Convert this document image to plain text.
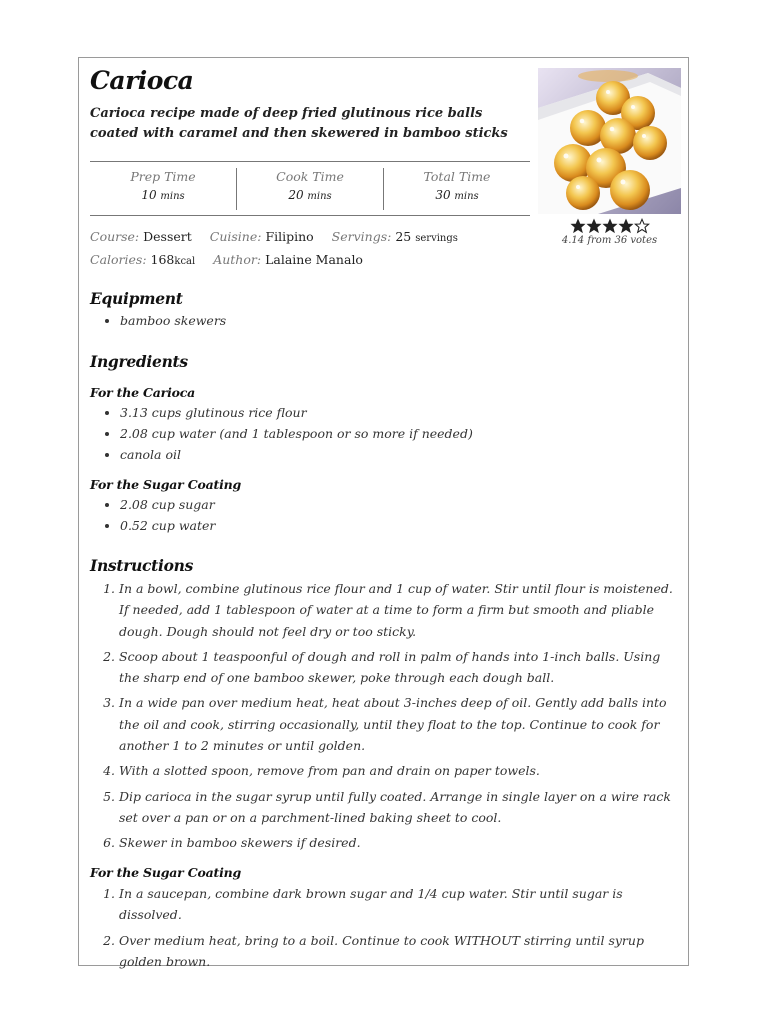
Carioca

Carioca recipe made of deep fried glutinous rice balls coated with caramel and then skewered in bamboo sticks

4.14 from 36 votes
Prep Time
10 mins
Cook Time
20 mins
Total Time
30 mins
Course: Dessert Cuisine: Filipino Servings: 25 servings
Calories: 168kcal Author: Lalaine Manalo
Equipment
• bamboo skewers
Ingredients
For the Carioca
• 3.13 cups glutinous rice flour
• 2.08 cup water (and 1 tablespoon or so more if needed)
• canola oil
For the Sugar Coating
• 2.08 cup sugar
• 0.52 cup water
Instructions
1. In a bowl, combine glutinous rice flour and 1 cup of water. Stir until flour is moistened. If needed, add 1 tablespoon of water at a time to form a firm but smooth and pliable dough. Dough should not feel dry or too sticky.
2. Scoop about 1 teaspoonful of dough and roll in palm of hands into 1-inch balls. Using the sharp end of one bamboo skewer, poke through each dough ball.
3. In a wide pan over medium heat, heat about 3-inches deep of oil. Gently add balls into the oil and cook, stirring occasionally, until they float to the top. Continue to cook for another 1 to 2 minutes or until golden.
4. With a slotted spoon, remove from pan and drain on paper towels.
5. Dip carioca in the sugar syrup until fully coated. Arrange in single layer on a wire rack set over a pan or on a parchment-lined baking sheet to cool.
6. Skewer in bamboo skewers if desired.
For the Sugar Coating
1. In a saucepan, combine dark brown sugar and 1/4 cup water. Stir until sugar is dissolved.
2. Over medium heat, bring to a boil. Continue to cook WITHOUT stirring until syrup golden brown.
